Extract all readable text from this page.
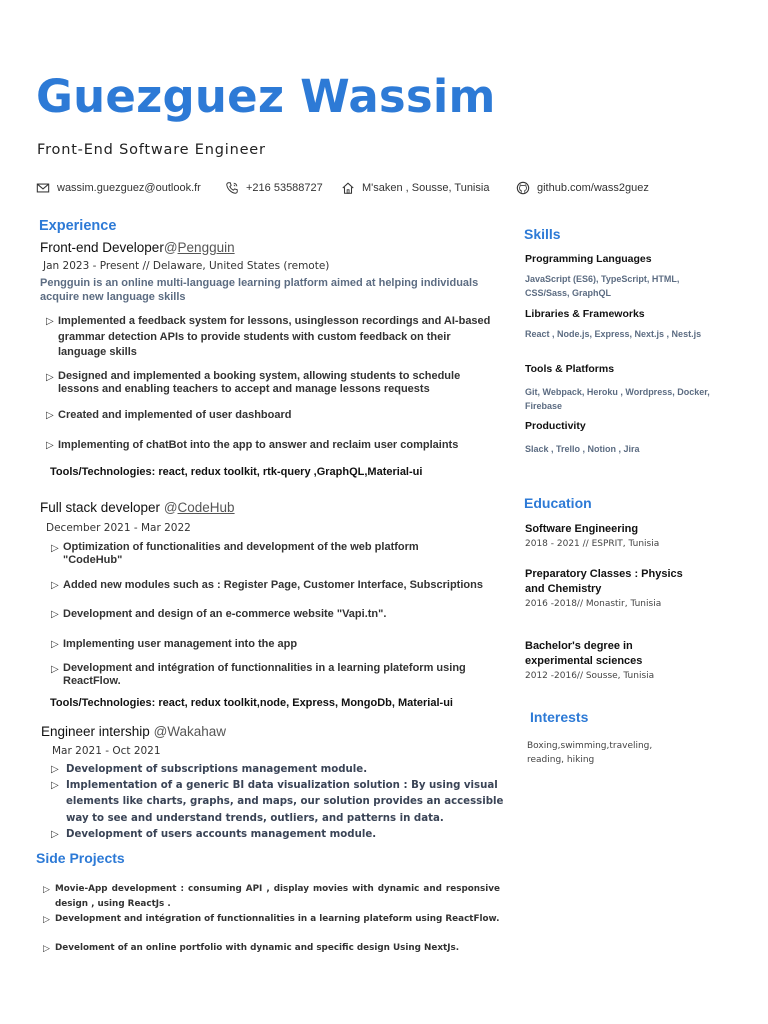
Guezguez Wassim
Front-End Software Engineer
wassim.guezguez@outlook.fr	+216 53588727	M'saken , Sousse, Tunisia	github.com/wass2guez
Experience
Front-end Developer@Pengguin
Jan 2023 - Present // Delaware, United States (remote)
Pengguin is an online multi-language learning platform aimed at helping individuals acquire new language skills
▷ Implemented a feedback system for lessons, usinglesson recordings and AI-based grammar detection APIs to provide students with custom feedback on their language skills
▷ Designed and implemented a booking system, allowing students to schedule lessons and enabling teachers to accept and manage lessons requests
▷ Created and implemented of user dashboard
▷ Implementing of chatBot into the app to answer and reclaim user complaints
Tools/Technologies: react, redux toolkit, rtk-query ,GraphQL,Material-ui
Full stack developer @CodeHub
December 2021 - Mar 2022
▷ Optimization of functionalities and development of the web platform "CodeHub"
▷ Added new modules such as : Register Page, Customer Interface, Subscriptions
▷ Development and design of an e-commerce website "Vapi.tn".
▷ Implementing user management into the app
▷ Development and intégration of functionnalities in a learning plateform using ReactFlow.
Tools/Technologies: react, redux toolkit,node, Express, MongoDb, Material-ui
Engineer intership @Wakahaw
Mar 2021 - Oct 2021
▷ Development of subscriptions management module.
▷ Implementation of a generic BI data visualization solution : By using visual elements like charts, graphs, and maps, our solution provides an accessible way to see and understand trends, outliers, and patterns in data.
▷ Development of users accounts management module.
Side Projects
▷ Movie-App development : consuming API , display movies with dynamic and responsive design , using ReactJs .
▷ Development and intégration of functionnalities in a learning plateform using ReactFlow.
▷ Develoment of an online portfolio with dynamic and specific design Using NextJs.
Skills
Programming Languages
JavaScript (ES6), TypeScript, HTML, CSS/Sass, GraphQL
Libraries & Frameworks
React , Node.js, Express, Next.js , Nest.js
Tools & Platforms
Git, Webpack, Heroku , Wordpress, Docker, Firebase
Productivity
Slack , Trello , Notion , Jira
Education
Software Engineering
2018 - 2021 // ESPRIT, Tunisia
Preparatory Classes : Physics and Chemistry
2016 -2018// Monastir, Tunisia
Bachelor's degree in experimental sciences
2012 -2016// Sousse, Tunisia
Interests
Boxing,swimming,traveling, reading, hiking
